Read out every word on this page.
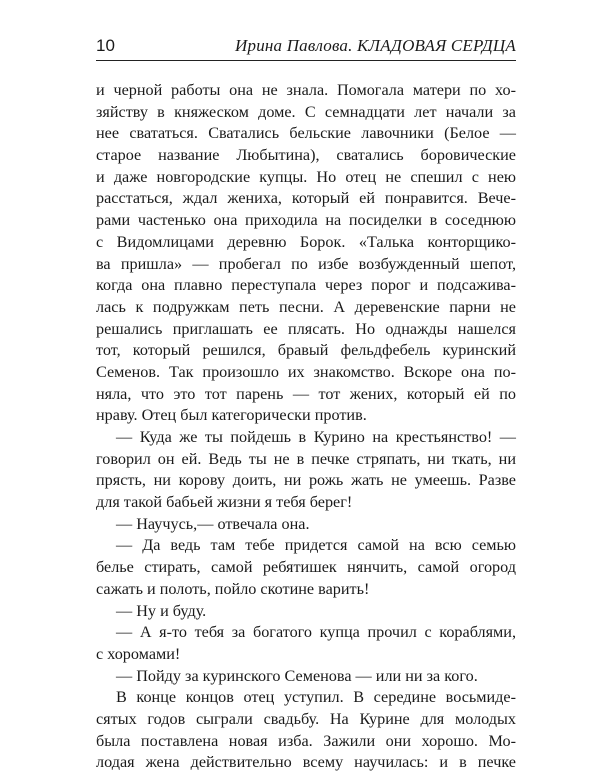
10	Ирина Павлова. КЛАДОВАЯ СЕРДЦА
и черной работы она не знала. Помогала матери по хо-
зяйству в княжеском доме. С семнадцати лет начали за
нее свататься. Сватались бельские лавочники (Белое —
старое название Любытина), сватались боровические
и даже новгородские купцы. Но отец не спешил с нею
расстаться, ждал жениха, который ей понравится. Вече-
рами частенько она приходила на посиделки в соседнюю
с Видомлицами деревню Борок. «Талька конторщико-
ва пришла» — пробегал по избе возбужденный шепот,
когда она плавно переступала через порог и подсажива-
лась к подружкам петь песни. А деревенские парни не
решались приглашать ее плясать. Но однажды нашелся
тот, который решился, бравый фельдфебель куринский
Семенов. Так произошло их знакомство. Вскоре она по-
няла, что это тот парень — тот жених, который ей по
нраву. Отец был категорически против.
— Куда же ты пойдешь в Курино на крестьянство! —
говорил он ей. Ведь ты не в печке стряпать, ни ткать, ни
прясть, ни корову доить, ни рожь жать не умеешь. Разве
для такой бабьей жизни я тебя берег!
— Научусь,— отвечала она.
— Да ведь там тебе придется самой на всю семью
белье стирать, самой ребятишек нянчить, самой огород
сажать и полоть, пойло скотине варить!
— Ну и буду.
— А я-то тебя за богатого купца прочил с кораблями,
с хоромами!
— Пойду за куринского Семенова — или ни за кого.
В конце концов отец уступил. В середине восьмиде-
сятых годов сыграли свадьбу. На Курине для молодых
была поставлена новая изба. Зажили они хорошо. Мо-
лодая жена действительно всему научилась: и в печке
